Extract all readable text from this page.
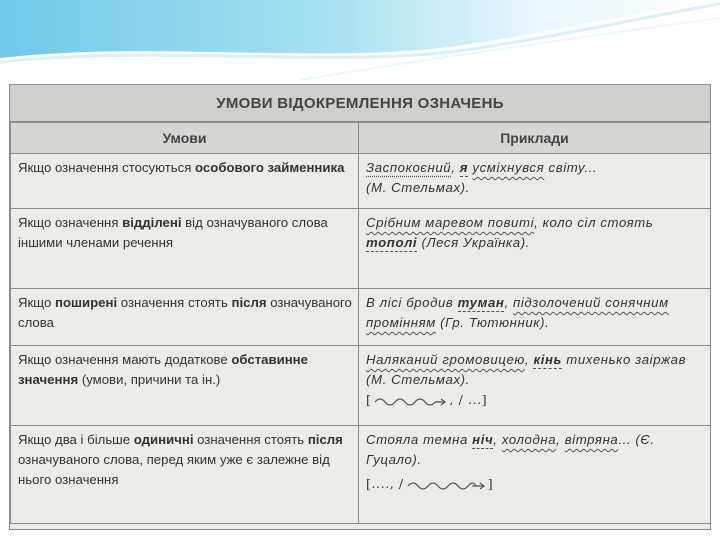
УМОВИ ВІДОКРЕМЛЕННЯ ОЗНАЧЕНЬ
Умови	Приклади
Якщо означення стосуються особового займенника	Заспокоєний, я усміхнувся світу...
(М. Стельмах).
Якщо означення відділені від означуваного слова іншими членами речення	Срібним маревом повиті, коло сіл стоять тополі (Леся Українка).
Якщо поширені означення стоять після означуваного слова	В лісі бродив туман, підзолочений сонячним промінням (Гр. Тютюнник).
Якщо означення мають додаткове обставинне значення (умови, причини та ін.)	Наляканий громовицею, кінь тихенько заіржав (М. Стельмах).
[ , / ...]

Якщо два і більше одиничні означення стоять після означуваного слова, перед яким уже є залежне від нього означення	Стояла темна ніч, холодна, вітряна... (Є. Гуцало).
[...., / ]
